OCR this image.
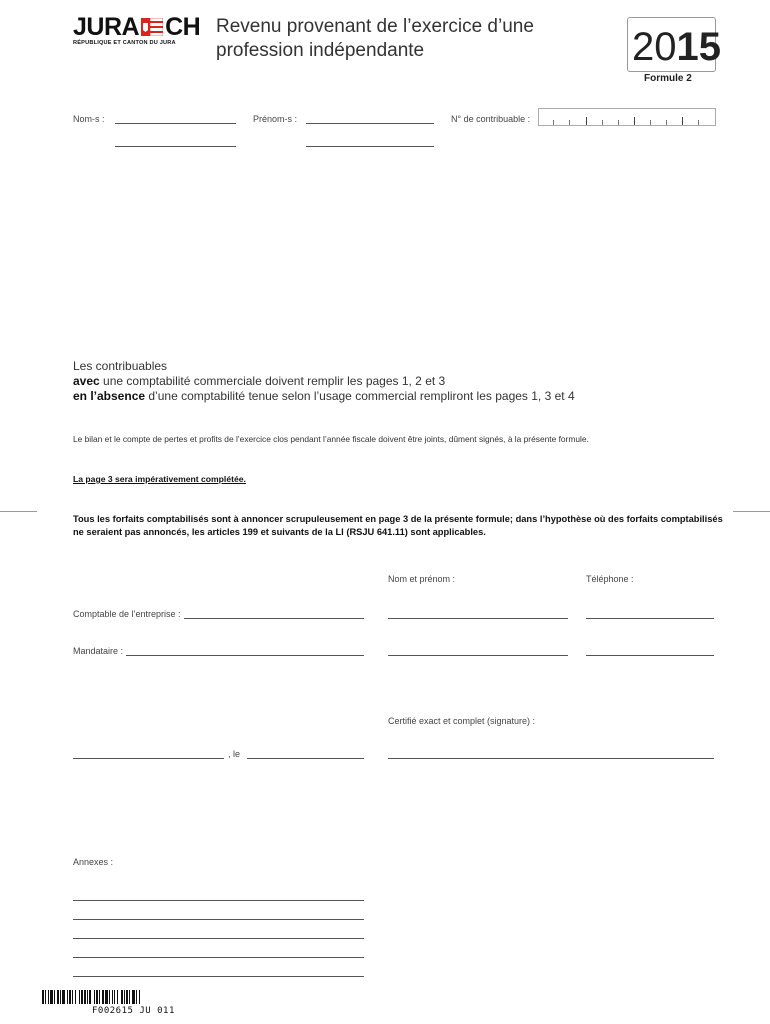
JURA CH
RÉPUBLIQUE ET CANTON DU JURA
Revenu provenant de l’exercice d’une
profession indépendante	2015
Formule 2
Nom-s :	Prénom-s :	N° de contribuable :
Les contribuables
avec une comptabilité commerciale doivent remplir les pages 1, 2 et 3
en l’absence d’une comptabilité tenue selon l’usage commercial rempliront les pages 1, 3 et 4
Le bilan et le compte de pertes et profits de l’exercice clos pendant l’année fiscale doivent être joints, dûment signés, à la présente formule.
La page 3 sera impérativement complétée.
Tous les forfaits comptabilisés sont à annoncer scrupuleusement en page 3 de la présente formule; dans l’hypothèse où des forfaits comptabilisés ne seraient pas annoncés, les articles 199 et suivants de la LI (RSJU 641.11) sont applicables.
Nom et prénom :	Téléphone :
Comptable de l’entreprise :
Mandataire :
Certifié exact et complet (signature) :
, le
Annexes :
F002615 JU 011
